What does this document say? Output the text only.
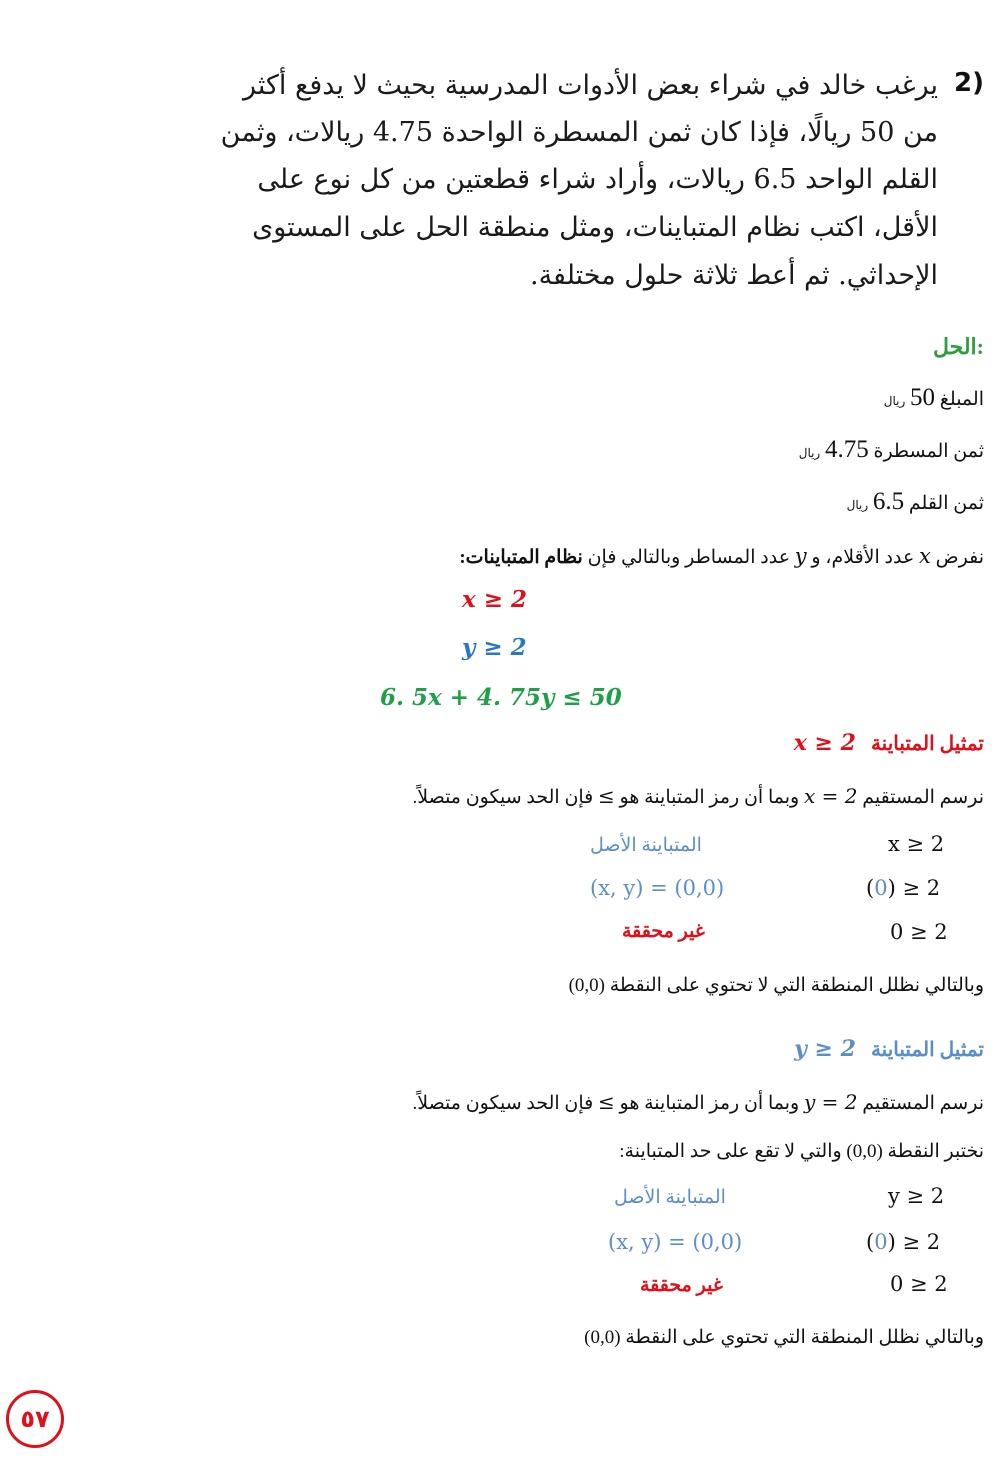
2)
يرغب خالد في شراء بعض الأدوات المدرسية بحيث لا يدفع أكثر
من 50 ريالًا، فإذا كان ثمن المسطرة الواحدة 4.75 ريالات، وثمن
القلم الواحد 6.5 ريالات، وأراد شراء قطعتين من كل نوع على
الأقل، اكتب نظام المتباينات، ومثل منطقة الحل على المستوى
الإحداثي. ثم أعط ثلاثة حلول مختلفة.
الحل:
المبلغ 50 ريال
ثمن المسطرة 4.75 ريال
ثمن القلم 6.5 ريال
نفرض x عدد الأقلام، و y عدد المساطر وبالتالي فإن نظام المتباينات:
x ≥ 2
y ≥ 2
6. 5x + 4. 75y ≤ 50
تمثيل المتباينة x ≥ 2
نرسم المستقيم x = 2 وبما أن رمز المتباينة هو ≥ فإن الحد سيكون متصلاً.
المتباينة الأصل	x ≥ 2
(x, y) = (0,0)	(0) ≥ 2
غير محققة	0 ≥ 2
وبالتالي نظلل المنطقة التي لا تحتوي على النقطة (0,0)
تمثيل المتباينة y ≥ 2
نرسم المستقيم y = 2 وبما أن رمز المتباينة هو ≥ فإن الحد سيكون متصلاً.
نختبر النقطة (0,0) والتي لا تقع على حد المتباينة:
المتباينة الأصل	y ≥ 2
(x, y) = (0,0)	(0) ≥ 2
غير محققة	0 ≥ 2
وبالتالي نظلل المنطقة التي تحتوي على النقطة (0,0)
٥٧
